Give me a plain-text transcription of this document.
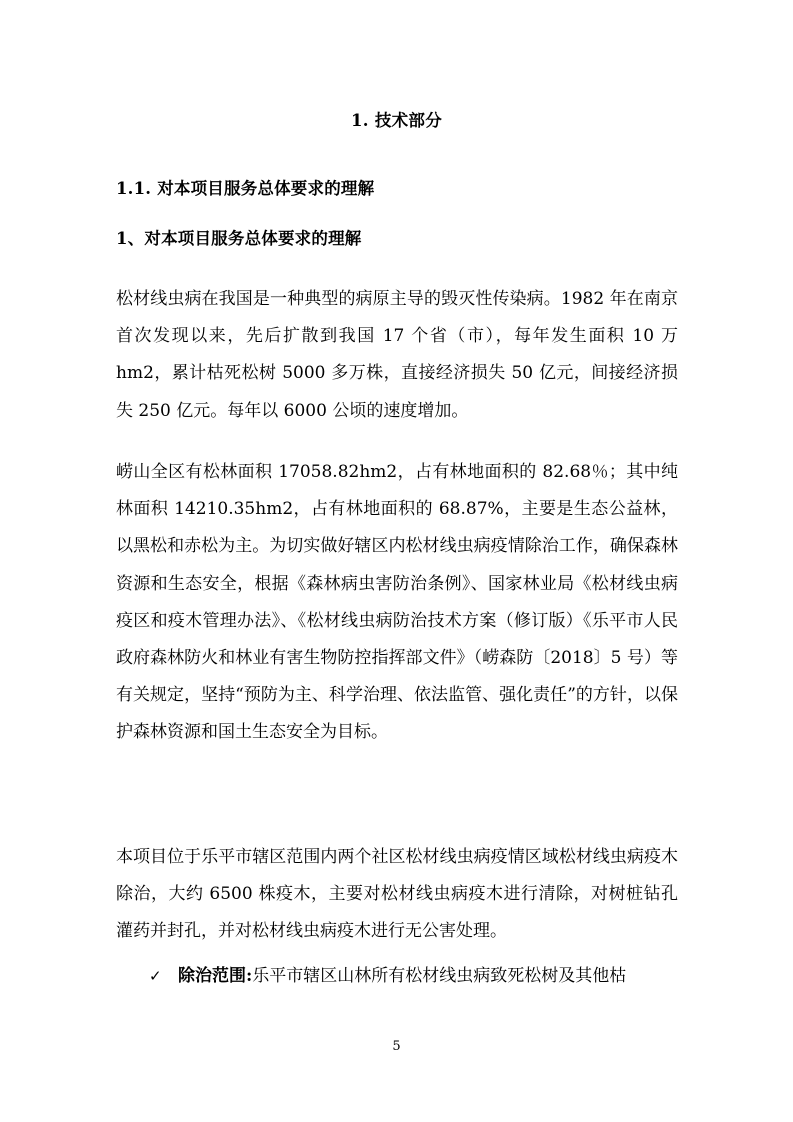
1. 技术部分
1.1. 对本项目服务总体要求的理解
1、对本项目服务总体要求的理解

松材线虫病在我国是一种典型的病原主导的毁灭性传染病。1982 年在南京首次发现以来，先后扩散到我国 17 个省（市），每年发生面积 10 万 hm2，累计枯死松树 5000 多万株，直接经济损失 50 亿元，间接经济损失 250 亿元。每年以 6000 公顷的速度增加。

崂山全区有松林面积 17058.82hm2，占有林地面积的 82.68％；其中纯林面积 14210.35hm2，占有林地面积的 68.87%，主要是生态公益林，以黑松和赤松为主。为切实做好辖区内松材线虫病疫情除治工作，确保森林资源和生态安全，根据《森林病虫害防治条例》、国家林业局《松材线虫病疫区和疫木管理办法》、《松材线虫病防治技术方案（修订版）《乐平市人民政府森林防火和林业有害生物防控指挥部文件》（崂森防〔2018〕5 号）等有关规定，坚持“预防为主、科学治理、依法监管、强化责任”的方针，以保护森林资源和国土生态安全为目标。

本项目位于乐平市辖区范围内两个社区松材线虫病疫情区域松材线虫病疫木除治，大约 6500 株疫木，主要对松材线虫病疫木进行清除，对树桩钻孔灌药并封孔，并对松材线虫病疫木进行无公害处理。

✓ 除治范围:乐平市辖区山林所有松材线虫病致死松树及其他枯
5
